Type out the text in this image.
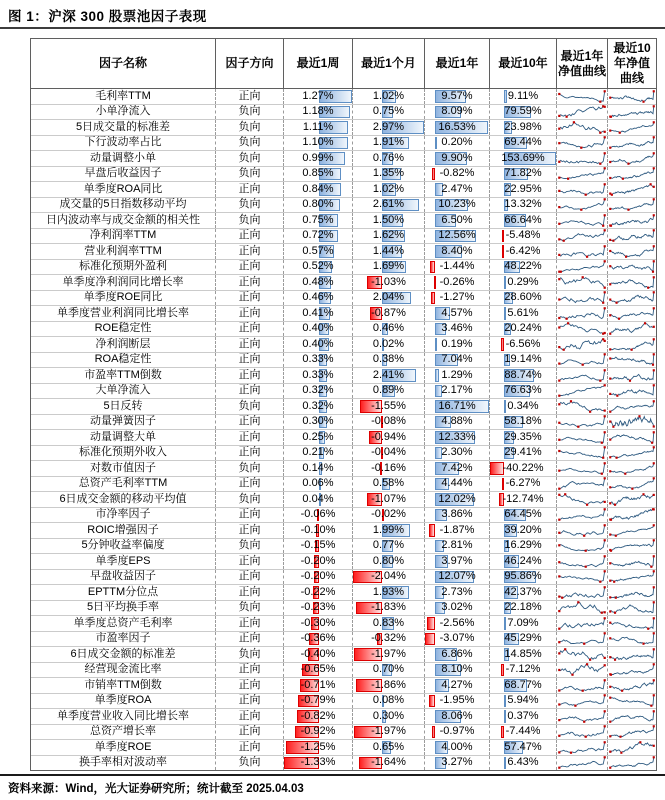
图 1：沪深 300 股票池因子表现
因子名称	因子方向	最近1周	最近1个月	最近1年	最近10年	最近1年净值曲线	最近10年净值曲线
毛利率TTM	正向	1.27%	1.02%	9.57%	9.11%	

小单净流入	负向	1.18%	0.75%	8.09%	79.59%	

5日成交量的标准差	负向	1.11%	2.97%	16.53%	23.98%	

下行波动率占比	负向	1.10%	1.91%	0.20%	69.44%	

动量调整小单	负向	0.99%	0.76%	9.90%	153.69%	

早盘后收益因子	负向	0.85%	1.35%	-0.82%	71.82%	

单季度ROA同比	正向	0.84%	1.02%	2.47%	22.95%	

成交量的5日指数移动平均	负向	0.80%	2.61%	10.23%	13.32%	

日内波动率与成交金额的相关性	负向	0.75%	1.50%	6.50%	66.64%	

净利润率TTM	正向	0.72%	1.62%	12.56%	-5.48%	

营业利润率TTM	正向	0.57%	1.44%	8.40%	-6.42%	

标准化预期外盈利	正向	0.52%	1.69%	-1.44%	48.22%	

单季度净利润同比增长率	正向	0.48%	-1.03%	-0.26%	0.29%	

单季度ROE同比	正向	0.46%	2.04%	-1.27%	28.60%	

单季度营业利润同比增长率	正向	0.41%	-0.87%	4.57%	5.61%	

ROE稳定性	正向	0.40%	0.46%	3.46%	20.24%	

净利润断层	正向	0.40%	0.02%	0.19%	-6.56%	

ROA稳定性	正向	0.33%	0.38%	7.04%	19.14%	

市盈率TTM倒数	正向	0.33%	2.41%	1.29%	88.74%	

大单净流入	正向	0.32%	0.89%	2.17%	76.63%	

5日反转	负向	0.32%	-1.55%	16.71%	0.34%	

动量弹簧因子	正向	0.30%	-0.08%	4.88%	58.18%	

动量调整大单	正向	0.25%	-0.94%	12.33%	29.35%	

标准化预期外收入	正向	0.21%	-0.04%	2.30%	29.41%	

对数市值因子	负向	0.14%	-0.16%	7.42%	-40.22%	

总资产毛利率TTM	正向	0.06%	0.58%	4.44%	-6.27%	

6日成交金额的移动平均值	负向	0.04%	-1.07%	12.02%	-12.74%	

市净率因子	正向	-0.06%	-0.02%	3.86%	64.45%	

ROIC增强因子	正向	-0.10%	1.99%	-1.87%	39.20%	

5分钟收益率偏度	负向	-0.15%	0.77%	2.81%	16.29%	

单季度EPS	正向	-0.20%	0.80%	3.97%	46.24%	

早盘收益因子	正向	-0.20%	-2.04%	12.07%	95.86%	

EPTTM分位点	正向	-0.22%	1.93%	2.73%	42.37%	

5日平均换手率	负向	-0.23%	-1.83%	3.02%	22.18%	

单季度总资产毛利率	正向	-0.30%	0.83%	-2.56%	7.09%	

市盈率因子	正向	-0.36%	-0.32%	-3.07%	45.29%	

6日成交金额的标准差	负向	-0.40%	-1.97%	6.86%	14.85%	

经营现金流比率	正向	-0.65%	0.70%	8.10%	-7.12%	

市销率TTM倒数	正向	-0.71%	-1.86%	4.27%	68.77%	

单季度ROA	正向	-0.79%	0.08%	-1.95%	5.94%	

单季度营业收入同比增长率	正向	-0.82%	0.30%	8.06%	0.37%	

总资产增长率	正向	-0.92%	-1.97%	-0.97%	-7.44%	

单季度ROE	正向	-1.25%	0.65%	4.00%	57.47%	

换手率相对波动率	负向	-1.33%	-1.64%	3.27%	6.43%	

资料来源：Wind，光大证券研究所；统计截至 2025.04.03
